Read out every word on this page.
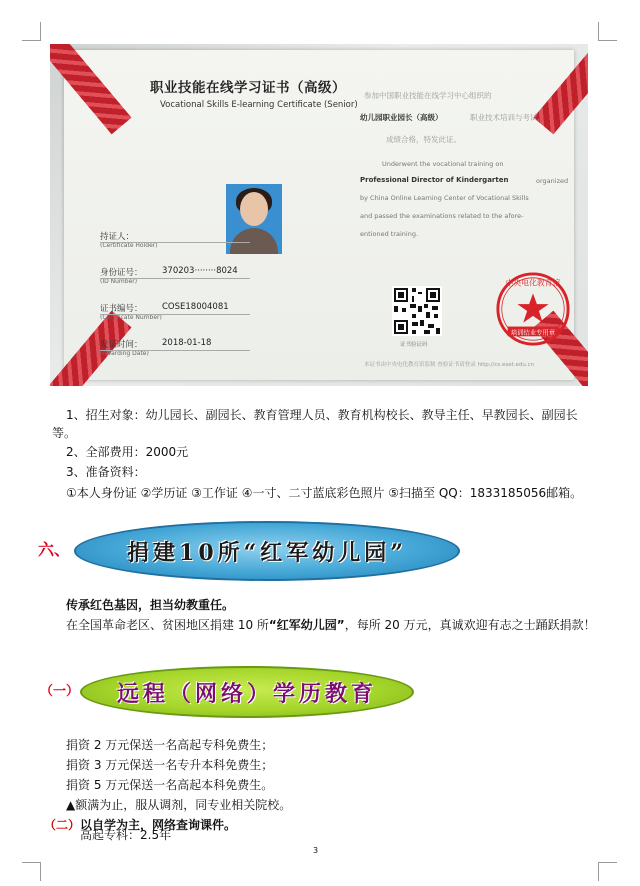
职业技能在线学习证书（高级）
Vocational Skills E-learning Certificate (Senior)
参加中国职业技能在线学习中心组织的
幼儿园职业园长（高级）	职业技术培训与考试，
成绩合格，特发此证。
Underwent the vocational training on
Professional Director of Kindergarten	organized
by China Online Learning Center of Vocational Skills
and passed the examinations related to the afore-
entioned training.
持证人：
(Certificate Holder)
身份证号：
(ID Number)
370203········8024
证书编号：
(Certificate Number)
COSE18004081
发证时间：
(Awarding Date)
2018-01-18	证书验证码
中央电化教育馆
培训结业专用章
本证书由中央电化教育馆监制 查验证书请登录 http://cs.eset.edu.cn

1、招生对象：幼儿园长、副园长、教育管理人员、教育机构校长、教导主任、早教园长、副园长等。

2、全部费用：2000元

3、准备资料：

①本人身份证 ②学历证 ③工作证 ④一寸、二寸蓝底彩色照片 ⑤扫描至 QQ：1833185056邮箱。

六、	捐建10所“红军幼儿园”

传承红色基因，担当幼教重任。

在全国革命老区、贫困地区捐建 10 所“红军幼儿园”，每所 20 万元，真诚欢迎有志之士踊跃捐款！

（一）	远程（网络）学历教育

捐资 2 万元保送一名高起专科免费生；

捐资 3 万元保送一名专升本科免费生；

捐资 5 万元保送一名高起本科免费生。

▲额满为止，服从调剂，同专业相关院校。

（二）以自学为主，网络查询课件。

高起专科：2.5年

3
